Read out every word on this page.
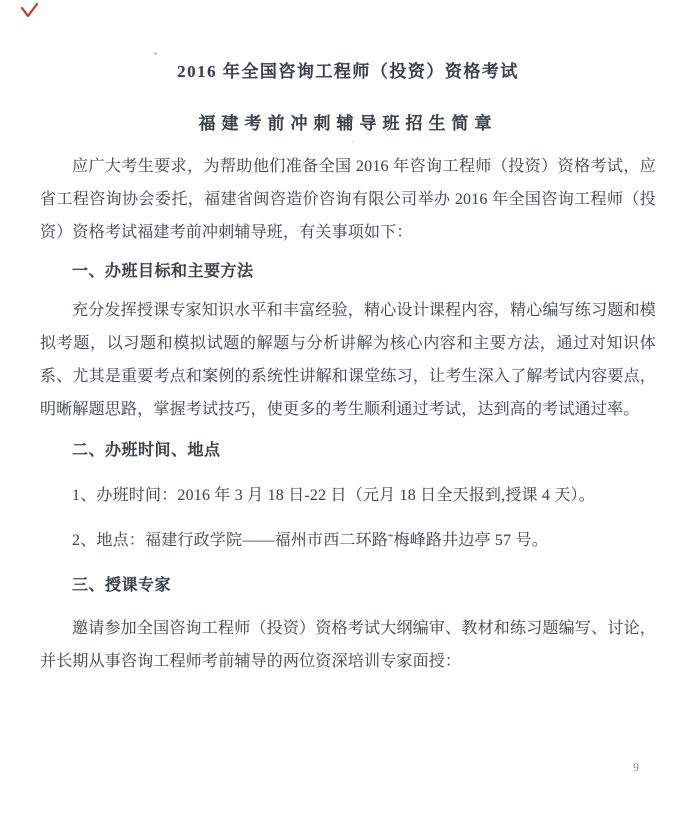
2016 年全国咨询工程师（投资）资格考试
福建考前冲刺辅导班招生简章

应广大考生要求，为帮助他们准备全国 2016 年咨询工程师（投资）资格考试，应省工程咨询协会委托，福建省闽咨造价咨询有限公司举办 2016 年全国咨询工程师（投资）资格考试福建考前冲刺辅导班，有关事项如下：

一、办班目标和主要方法

充分发挥授课专家知识水平和丰富经验，精心设计课程内容，精心编写练习题和模拟考题，以习题和模拟试题的解题与分析讲解为核心内容和主要方法，通过对知识体系、尤其是重要考点和案例的系统性讲解和课堂练习，让考生深入了解考试内容要点，明晰解题思路，掌握考试技巧，使更多的考生顺利通过考试，达到高的考试通过率。

二、办班时间、地点

1、办班时间：2016 年 3 月 18 日-22 日（元月 18 日全天报到,授课 4 天）。

2、地点：福建行政学院——福州市西二环路˜梅峰路井边亭 57 号。

三、授课专家

邀请参加全国咨询工程师（投资）资格考试大纲编审、教材和练习题编写、讨论，并长期从事咨询工程师考前辅导的两位资深培训专家面授：

9
